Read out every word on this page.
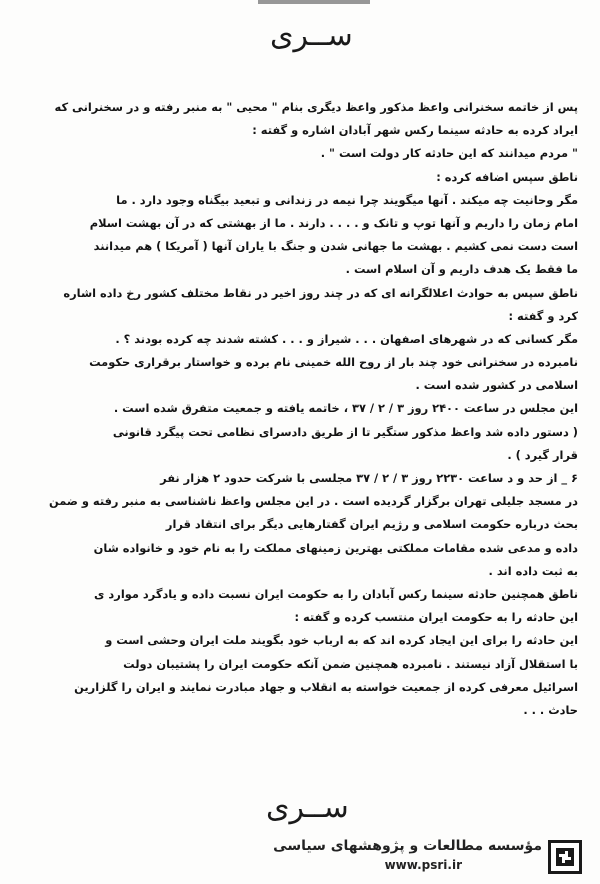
ســری
پس از خاتمه سخنرانی واعظ مذکور واعظ دیگری بنام " محیی " به منبر رفته و در سخنرانی که
ایراد کرده به حادثه سینما رکس شهر آبادان اشاره و گفته :
" مردم میدانند که این حادثه کار دولت است " .
ناطق سپس اضافه کرده :
مگر وحانیت چه میکند . آنها میگویند چرا نیمه در زندانی و تبعید بیگناه وجود دارد . ما
امام زمان را داریم و آنها توپ و تانک و . . . . دارند . ما از بهشتی که در آن بهشت اسلام
است دست نمی کشیم . بهشت ما جهانی شدن و جنگ با یاران آنها ( آمریکا ) هم میدانند
ما فقط یک هدف داریم و آن اسلام است .
ناطق سپس به حوادث اعلالگرانه ای که در چند روز اخیر در نقاط مختلف کشور رخ داده اشاره
کرد و گفته :
مگر کسانی که در شهرهای اصفهان . . . شیراز و . . . کشته شدند چه کرده بودند ؟ .
نامبرده در سخنرانی خود چند بار از روح الله خمینی نام برده و خواستار برقراری حکومت
اسلامی در کشور شده است .
این مجلس در ساعت ۲۴۰۰ روز ۳ / ۲ / ۳۷ ، خاتمه یافته و جمعیت متفرق شده است .
( دستور داده شد واعظ مذکور ستگیر تا از طریق دادسرای نظامی تحت پیگرد قانونی
قرار گیرد ) .
۶ _ از حد و د ساعت ۲۲۳۰ روز ۳ / ۲ / ۳۷ مجلسی با شرکت حدود ۲ هزار نفر
در مسجد جلیلی تهران برگزار گردیده است . در این مجلس واعظ ناشناسی به منبر رفته و ضمن
بحث درباره حکومت اسلامی و رژیم ایران گفتارهایی دیگر برای انتقاد قرار
داده و مدعی شده مقامات مملکتی بهترین زمینهای مملکت را به نام خود و خانواده شان
به ثبت داده اند .
ناطق همچنین حادثه سینما رکس آبادان را به حکومت ایران نسبت داده و یادگرد موارد ی
این حادثه را به حکومت ایران منتسب کرده و گفته :
این حادثه را برای این ایجاد کرده اند که به ارباب خود بگویند ملت ایران وحشی است و
با استقلال آزاد نیستند . نامبرده همچنین ضمن آنکه حکومت ایران را پشتیبان دولت
اسرائیل معرفی کرده از جمعیت خواسته به انقلاب و جهاد مبادرت نمایند و ایران را گلزارین
حادث . . .
ســری
مؤسسه مطالعات و پژوهشهای سیاسی
www.psri.ir
